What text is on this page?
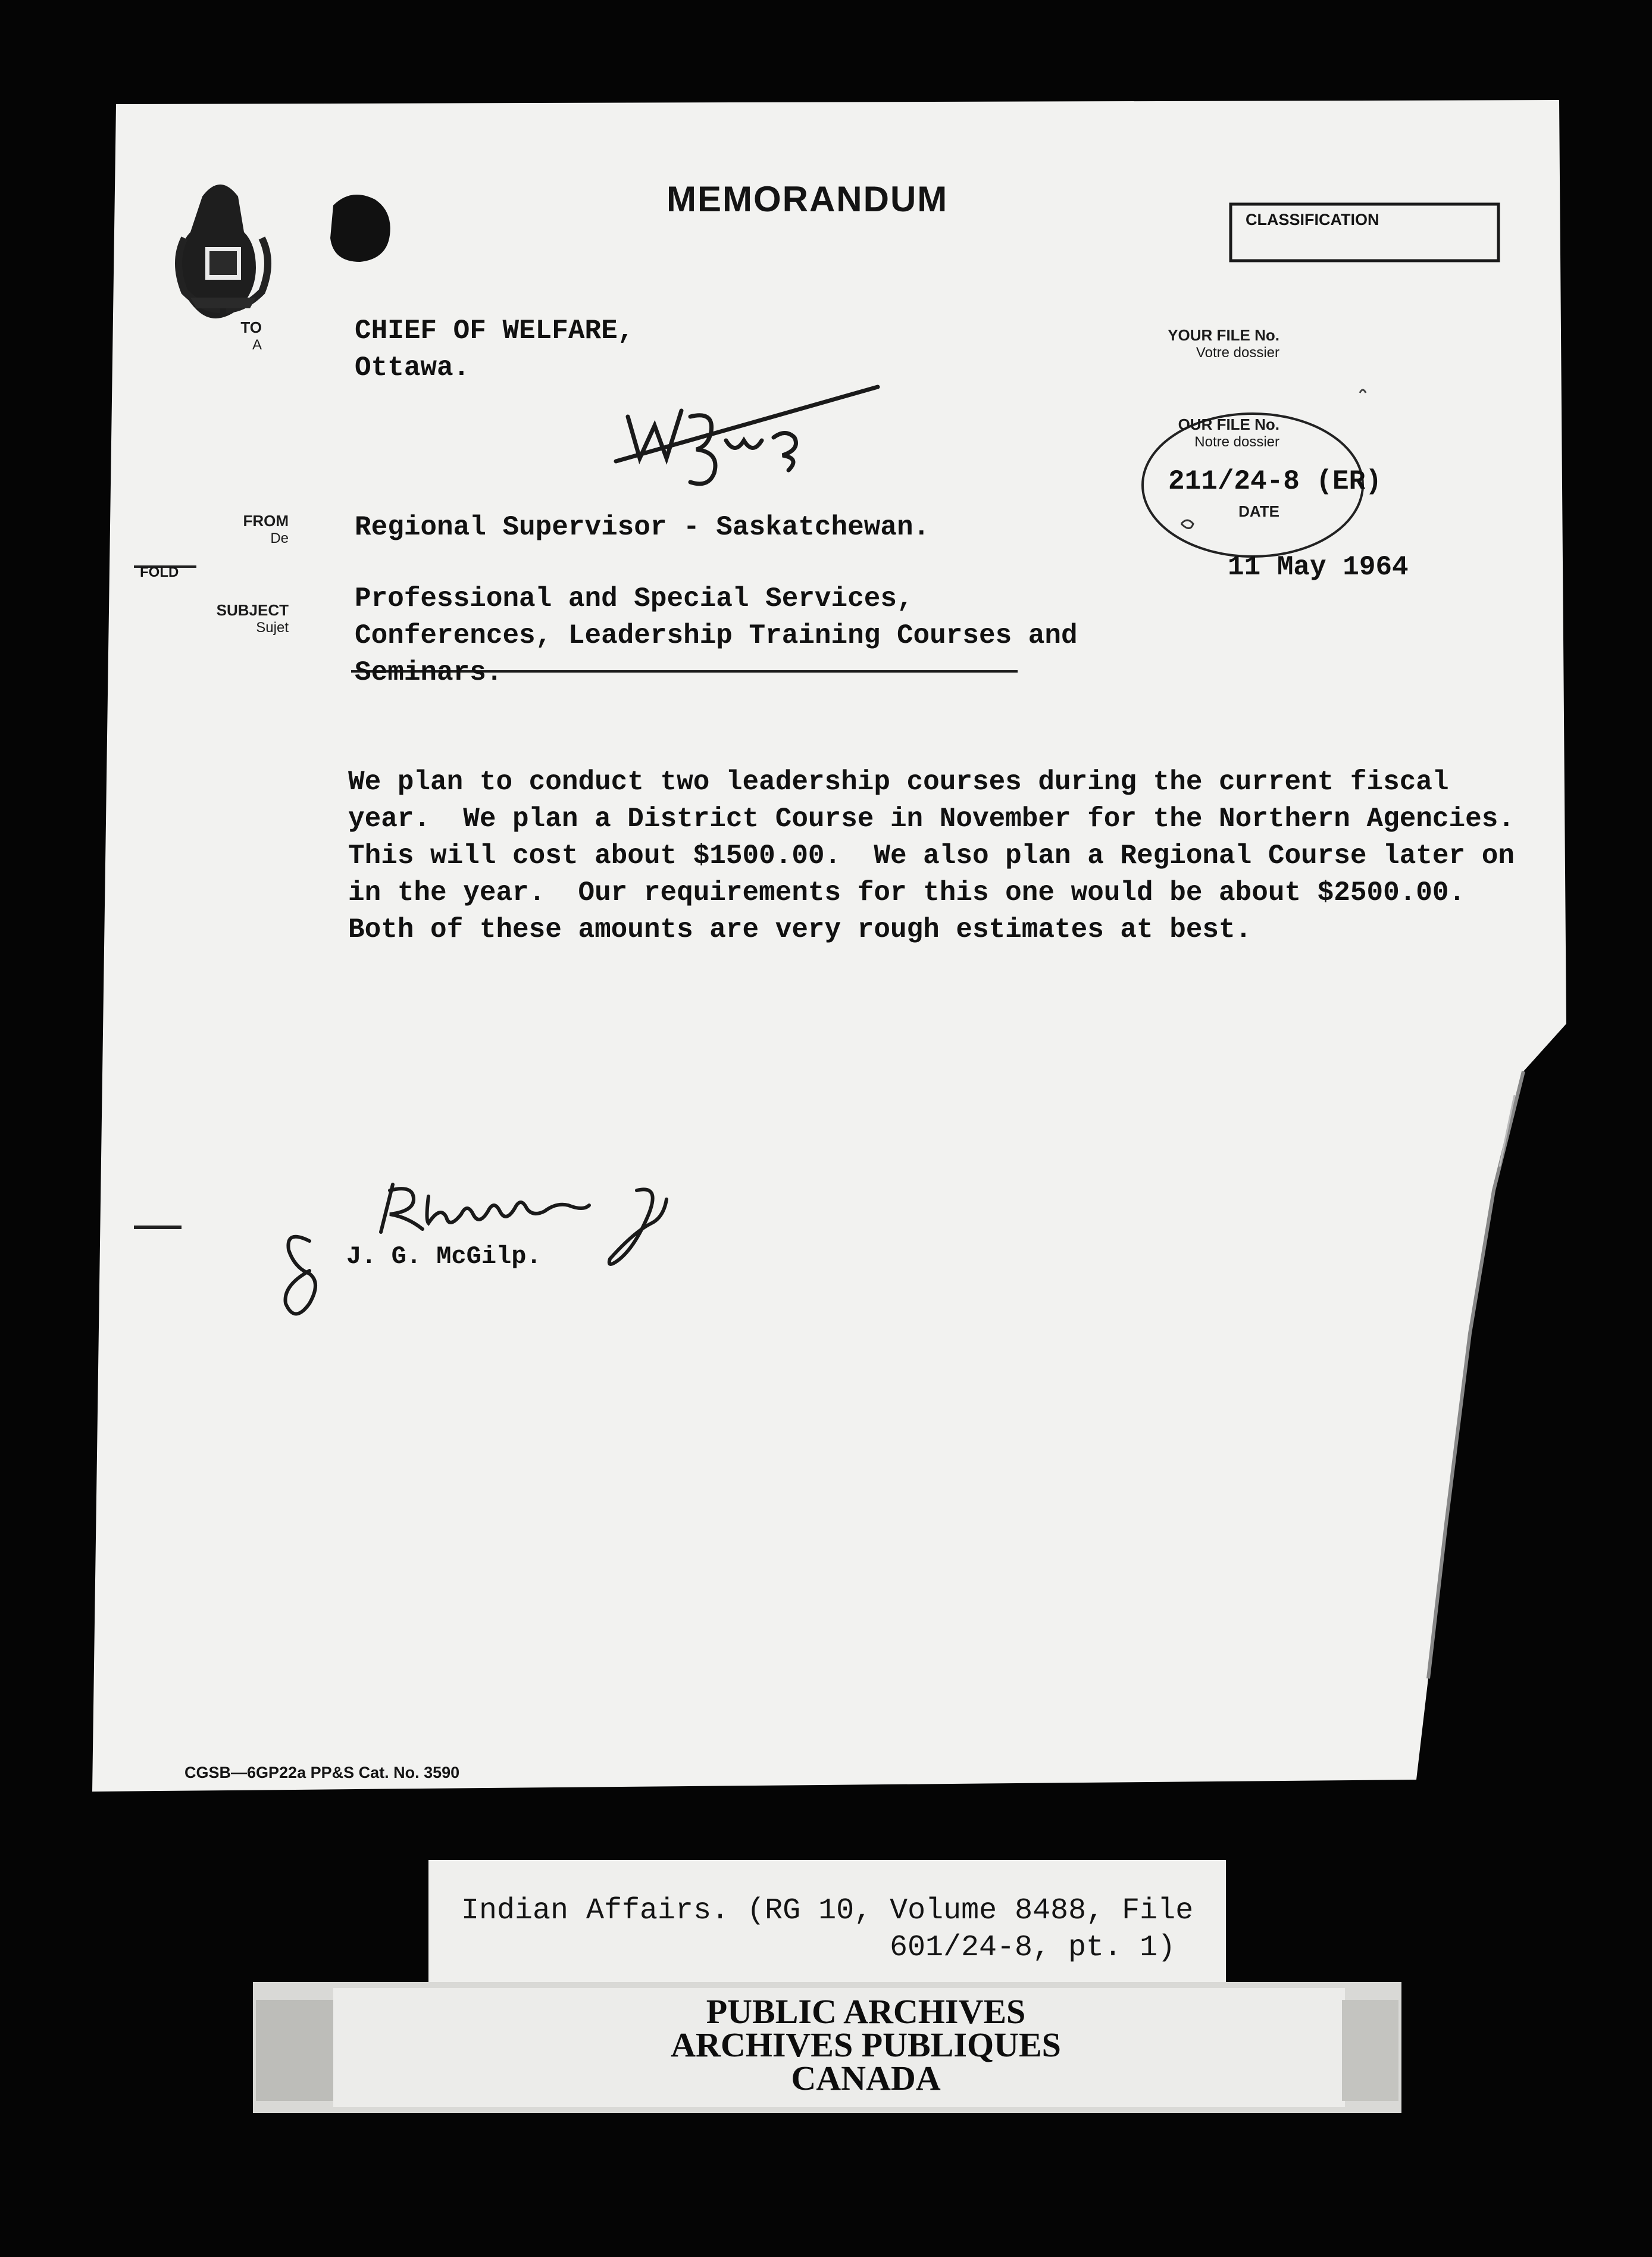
MEMORANDUM
CLASSIFICATION
TO
A	CHIEF OF WELFARE,
Ottawa.
YOUR FILE No.
Votre dossier
OUR FILE No.
Notre dossier
211/24-8 (ER)
DATE
11 May 1964
FROM
De Regional Supervisor - Saskatchewan.
FOLD
SUBJECT
Sujet
Professional and Special Services,
Conferences, Leadership Training Courses and
Seminars.
We plan to conduct two leadership courses during the current fiscal
year.  We plan a District Course in November for the Northern Agencies.
This will cost about $1500.00.  We also plan a Regional Course later on
in the year.  Our requirements for this one would be about $2500.00.
Both of these amounts are very rough estimates at best.
J. G. McGilp.
CGSB—6GP22a PP&S Cat. No. 3590
Indian Affairs. (RG 10, Volume 8488, File
601/24-8, pt. 1)
PUBLIC ARCHIVES
ARCHIVES PUBLIQUES
CANADA
